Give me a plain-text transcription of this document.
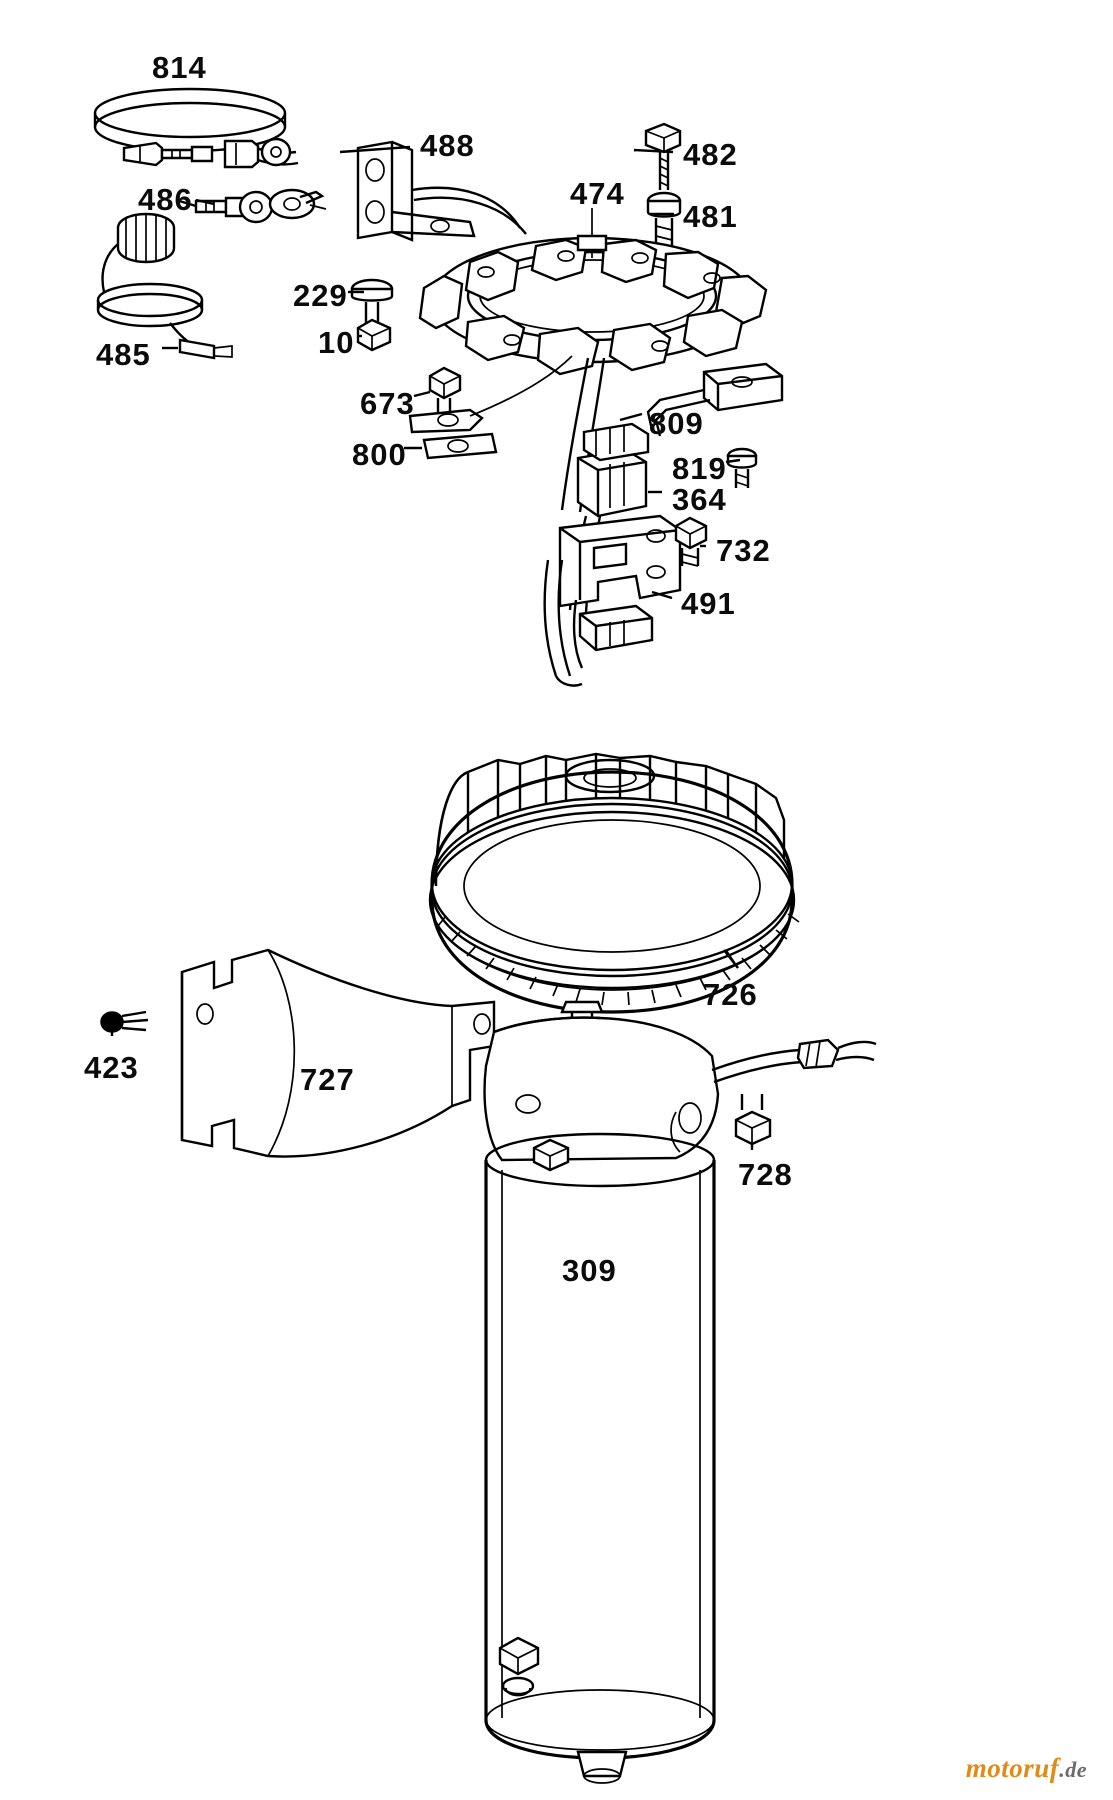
814
488	482
481
474
486
229
10
485
673
800
809
819
364
732
491
726
423	727
728
309
motoruf.de
